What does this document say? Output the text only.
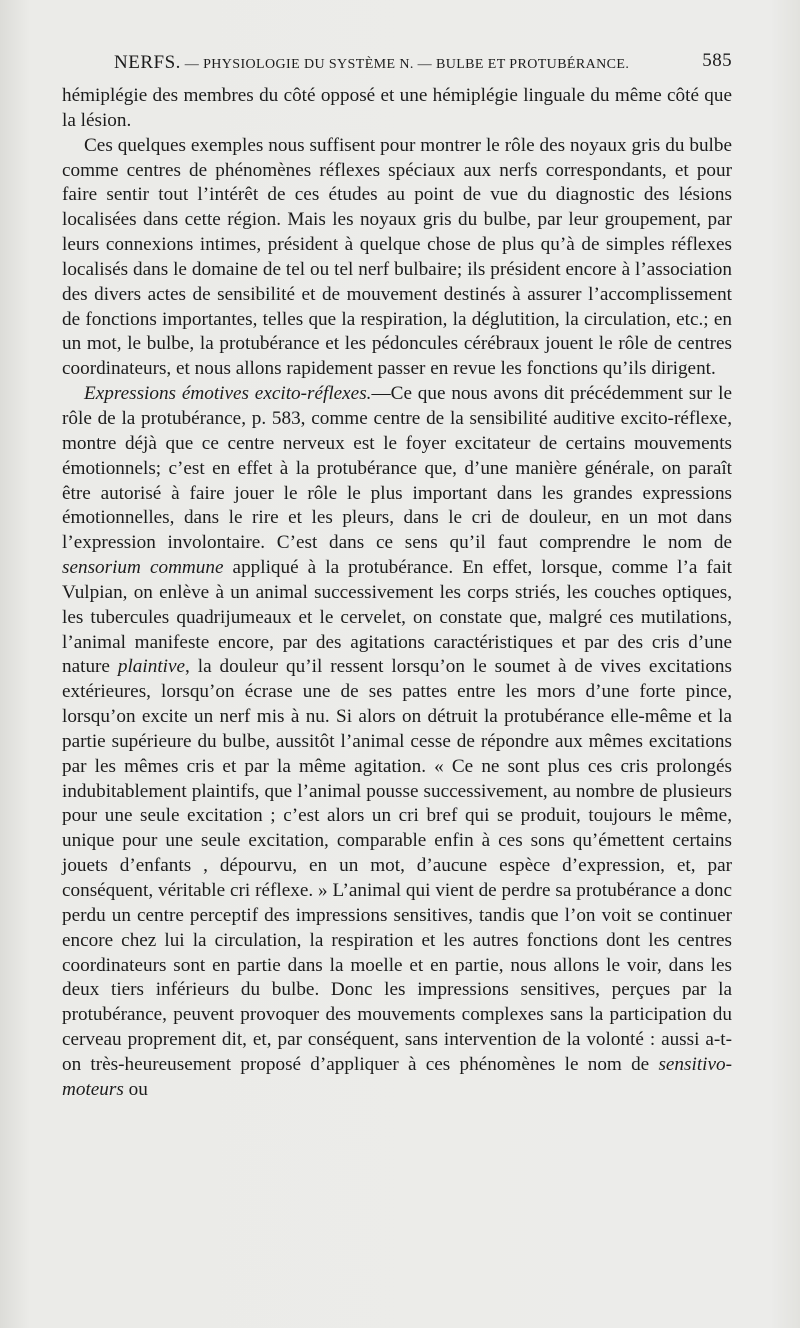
NERFS. — PHYSIOLOGIE DU SYSTÈME N. — BULBE ET PROTUBÉRANCE.	585

hémiplégie des membres du côté opposé et une hémiplégie linguale du même côté que la lésion.

Ces quelques exemples nous suffisent pour montrer le rôle des noyaux gris du bulbe comme centres de phénomènes réflexes spéciaux aux nerfs correspondants, et pour faire sentir tout l’intérêt de ces études au point de vue du diagnostic des lésions localisées dans cette région. Mais les noyaux gris du bulbe, par leur groupement, par leurs connexions intimes, président à quelque chose de plus qu’à de simples réflexes localisés dans le domaine de tel ou tel nerf bulbaire; ils président encore à l’association des divers actes de sensibilité et de mouvement destinés à assurer l’accomplissement de fonctions importantes, telles que la respiration, la déglutition, la circulation, etc.; en un mot, le bulbe, la protubérance et les pédoncules cérébraux jouent le rôle de centres coordinateurs, et nous allons rapidement passer en revue les fonctions qu’ils dirigent.

Expressions émotives excito-réflexes.—Ce que nous avons dit précédemment sur le rôle de la protubérance, p. 583, comme centre de la sensibilité auditive excito-réflexe, montre déjà que ce centre nerveux est le foyer excitateur de certains mouvements émotionnels; c’est en effet à la protubérance que, d’une manière générale, on paraît être autorisé à faire jouer le rôle le plus important dans les grandes expressions émotionnelles, dans le rire et les pleurs, dans le cri de douleur, en un mot dans l’expression involontaire. C’est dans ce sens qu’il faut comprendre le nom de sensorium commune appliqué à la protubérance. En effet, lorsque, comme l’a fait Vulpian, on enlève à un animal successivement les corps striés, les couches optiques, les tubercules quadrijumeaux et le cervelet, on constate que, malgré ces mutilations, l’animal manifeste encore, par des agitations caractéristiques et par des cris d’une nature plaintive, la douleur qu’il ressent lorsqu’on le soumet à de vives excitations extérieures, lorsqu’on écrase une de ses pattes entre les mors d’une forte pince, lorsqu’on excite un nerf mis à nu. Si alors on détruit la protubérance elle-même et la partie supérieure du bulbe, aussitôt l’animal cesse de répondre aux mêmes excitations par les mêmes cris et par la même agitation. « Ce ne sont plus ces cris prolongés indubitablement plaintifs, que l’animal pousse successivement, au nombre de plusieurs pour une seule excitation ; c’est alors un cri bref qui se produit, toujours le même, unique pour une seule excitation, comparable enfin à ces sons qu’émettent certains jouets d’enfants , dépourvu, en un mot, d’aucune espèce d’expression, et, par conséquent, véritable cri réflexe. » L’animal qui vient de perdre sa protubérance a donc perdu un centre perceptif des impressions sensitives, tandis que l’on voit se continuer encore chez lui la circulation, la respiration et les autres fonctions dont les centres coordinateurs sont en partie dans la moelle et en partie, nous allons le voir, dans les deux tiers inférieurs du bulbe. Donc les impressions sensitives, perçues par la protubérance, peuvent provoquer des mouvements complexes sans la participation du cerveau proprement dit, et, par conséquent, sans intervention de la volonté : aussi a-t-on très-heureusement proposé d’appliquer à ces phénomènes le nom de sensitivo-moteurs ou
